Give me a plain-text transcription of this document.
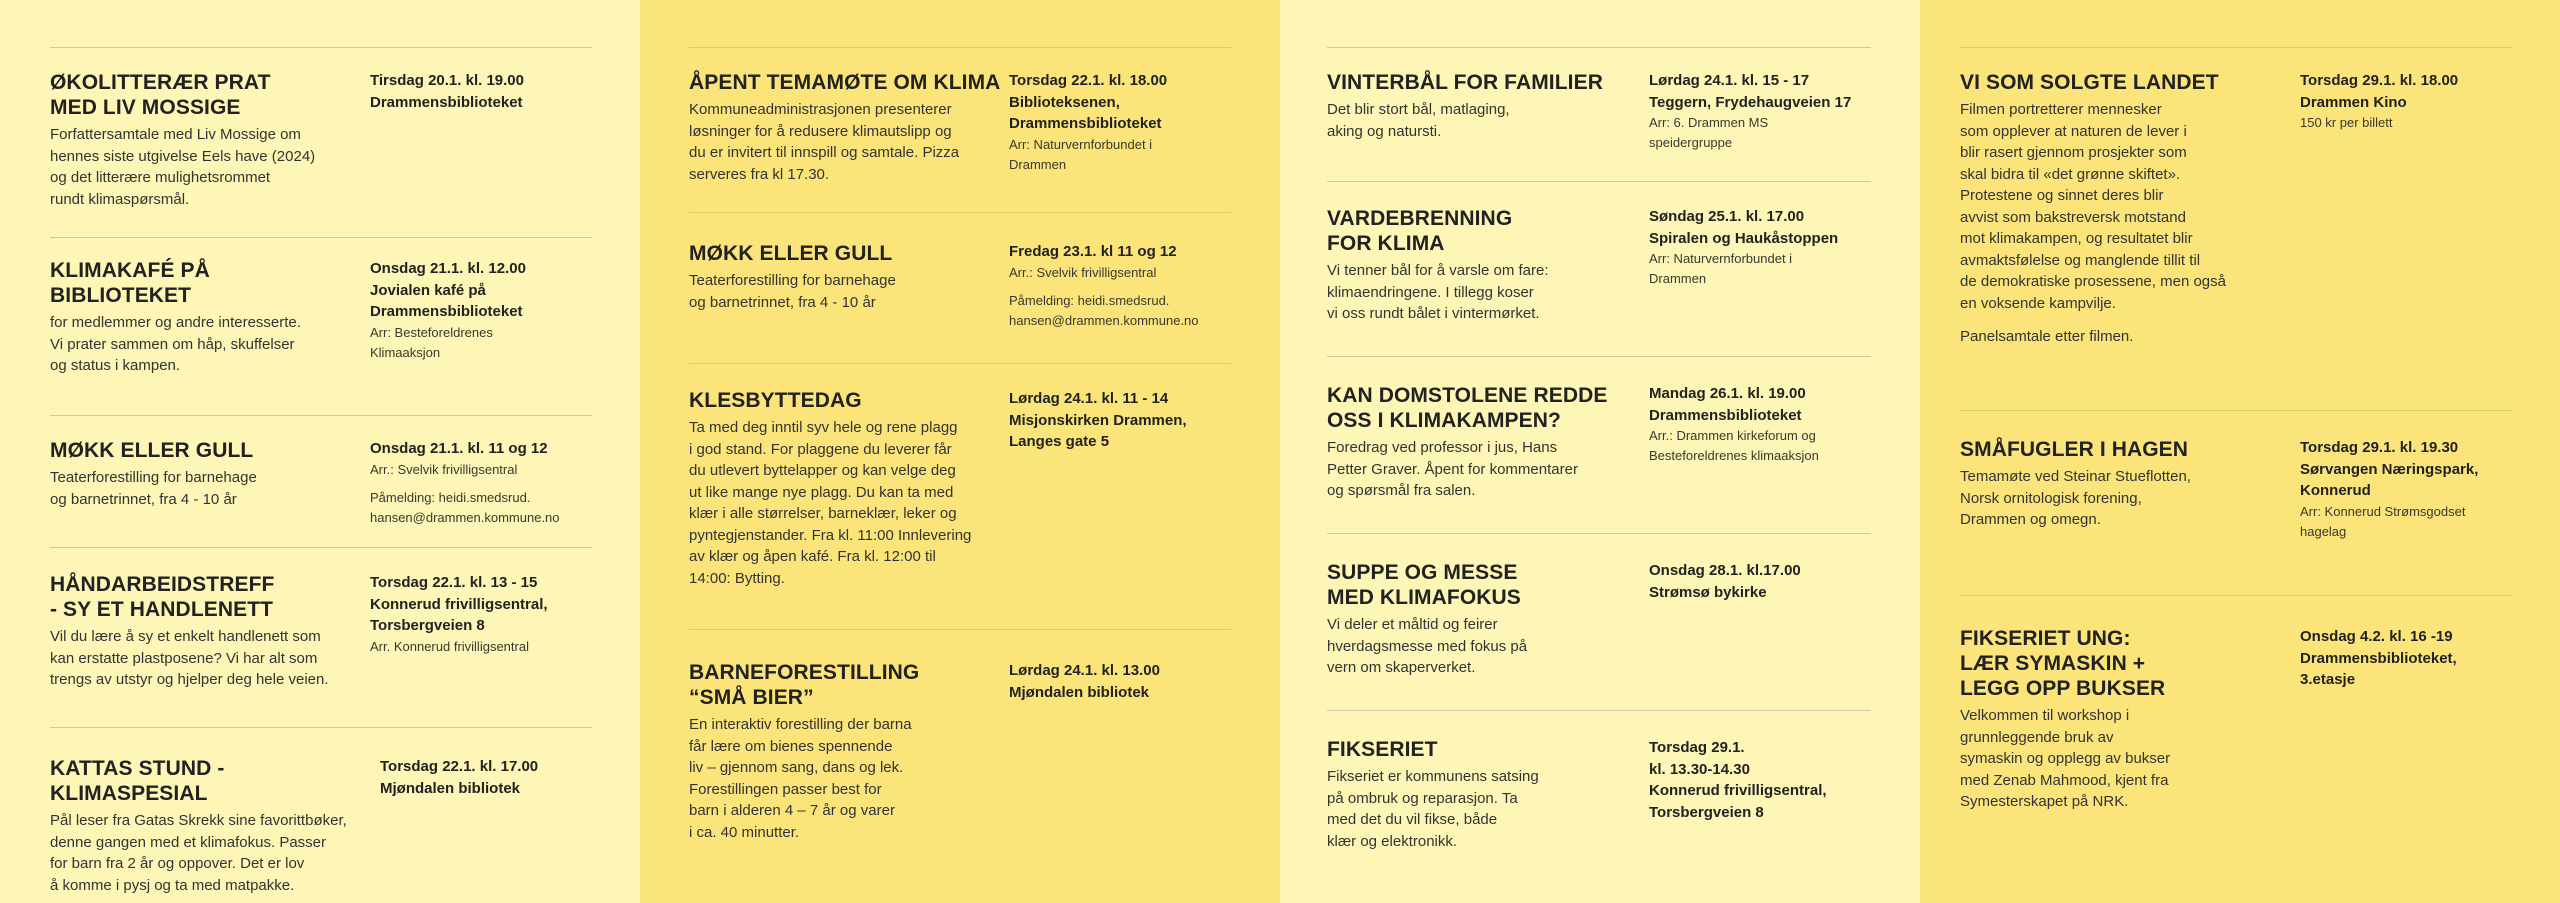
ØKOLITTERÆR PRAT
MED LIV MOSSIGE
Forfattersamtale med Liv Mossige om
hennes siste utgivelse Eels have (2024)
og det litterære mulighetsrommet
rundt klimaspørsmål.
Tirsdag 20.1. kl. 19.00
Drammensbiblioteket
KLIMAKAFÉ PÅ
BIBLIOTEKET
for medlemmer og andre interesserte.
Vi prater sammen om håp, skuffelser
og status i kampen.
Onsdag 21.1. kl. 12.00
Jovialen kafé på
Drammensbiblioteket
Arr: Besteforeldrenes
Klimaaksjon
MØKK ELLER GULL
Teaterforestilling for barnehage
og barnetrinnet, fra 4 - 10 år
Onsdag 21.1. kl. 11 og 12
Arr.: Svelvik frivilligsentral
Påmelding: heidi.smedsrud.
hansen@drammen.kommune.no
HÅNDARBEIDSTREFF
- SY ET HANDLENETT
Vil du lære å sy et enkelt handlenett som
kan erstatte plastposene? Vi har alt som
trengs av utstyr og hjelper deg hele veien.
Torsdag 22.1. kl. 13 - 15
Konnerud frivilligsentral,
Torsbergveien 8
Arr. Konnerud frivilligsentral
KATTAS STUND - KLIMASPESIAL
Pål leser fra Gatas Skrekk sine favorittbøker,
denne gangen med et klimafokus. Passer
for barn fra 2 år og oppover. Det er lov
å komme i pysj og ta med matpakke.
Torsdag 22.1. kl. 17.00
Mjøndalen bibliotek
ÅPENT TEMAMØTE OM KLIMA
Kommuneadministrasjonen presenterer
løsninger for å redusere klimautslipp og
du er invitert til innspill og samtale. Pizza
serveres fra kl 17.30.
Torsdag 22.1. kl. 18.00
Biblioteksenen,
Drammensbiblioteket
Arr: Naturvernforbundet i
Drammen
MØKK ELLER GULL
Teaterforestilling for barnehage
og barnetrinnet, fra 4 - 10 år
Fredag 23.1. kl 11 og 12
Arr.: Svelvik frivilligsentral
Påmelding: heidi.smedsrud.
hansen@drammen.kommune.no
KLESBYTTEDAG
Ta med deg inntil syv hele og rene plagg
i god stand. For plaggene du leverer får
du utlevert byttelapper og kan velge deg
ut like mange nye plagg. Du kan ta med
klær i alle størrelser, barneklær, leker og
pyntegjenstander. Fra kl. 11:00 Innlevering
av klær og åpen kafé. Fra kl. 12:00 til
14:00: Bytting.
Lørdag 24.1. kl. 11 - 14
Misjonskirken Drammen,
Langes gate 5
BARNEFORESTILLING
“SMÅ BIER”
En interaktiv forestilling der barna
får lære om bienes spennende
liv – gjennom sang, dans og lek.
Forestillingen passer best for
barn i alderen 4 – 7 år og varer
i ca. 40 minutter.
Lørdag 24.1. kl. 13.00
Mjøndalen bibliotek
VINTERBÅL FOR FAMILIER
Det blir stort bål, matlaging,
aking og natursti.
Lørdag 24.1. kl. 15 - 17
Teggern, Frydehaugveien 17
Arr: 6. Drammen MS
speidergruppe
VARDEBRENNING
FOR KLIMA
Vi tenner bål for å varsle om fare:
klimaendringene. I tillegg koser
vi oss rundt bålet i vintermørket.
Søndag 25.1. kl. 17.00
Spiralen og Haukåstoppen
Arr: Naturvernforbundet i
Drammen
KAN DOMSTOLENE REDDE
OSS I KLIMAKAMPEN?
Foredrag ved professor i jus, Hans
Petter Graver. Åpent for kommentarer
og spørsmål fra salen.
Mandag 26.1. kl. 19.00
Drammensbiblioteket
Arr.: Drammen kirkeforum og
Besteforeldrenes klimaaksjon
SUPPE OG MESSE
MED KLIMAFOKUS
Vi deler et måltid og feirer
hverdagsmesse med fokus på
vern om skaperverket.
Onsdag 28.1. kl.17.00
Strømsø bykirke
FIKSERIET
Fikseriet er kommunens satsing
på ombruk og reparasjon. Ta
med det du vil fikse, både
klær og elektronikk.
Torsdag 29.1.
kl. 13.30-14.30
Konnerud frivilligsentral,
Torsbergveien 8
VI SOM SOLGTE LANDET
Filmen portretterer mennesker
som opplever at naturen de lever i
blir rasert gjennom prosjekter som
skal bidra til «det grønne skiftet».
Protestene og sinnet deres blir
avvist som bakstreversk motstand
mot klimakampen, og resultatet blir
avmaktsfølelse og manglende tillit til
de demokratiske prosessene, men også
en voksende kampvilje.
Panelsamtale etter filmen.
Torsdag 29.1. kl. 18.00
Drammen Kino
150 kr per billett
SMÅFUGLER I HAGEN
Temamøte ved Steinar Stueflotten,
Norsk ornitologisk forening,
Drammen og omegn.
Torsdag 29.1. kl. 19.30
Sørvangen Næringspark,
Konnerud
Arr: Konnerud Strømsgodset
hagelag
FIKSERIET UNG:
LÆR SYMASKIN +
LEGG OPP BUKSER
Velkommen til workshop i
grunnleggende bruk av
symaskin og opplegg av bukser
med Zenab Mahmood, kjent fra
Symesterskapet på NRK.
Onsdag 4.2. kl. 16 -19
Drammensbiblioteket,
3.etasje
